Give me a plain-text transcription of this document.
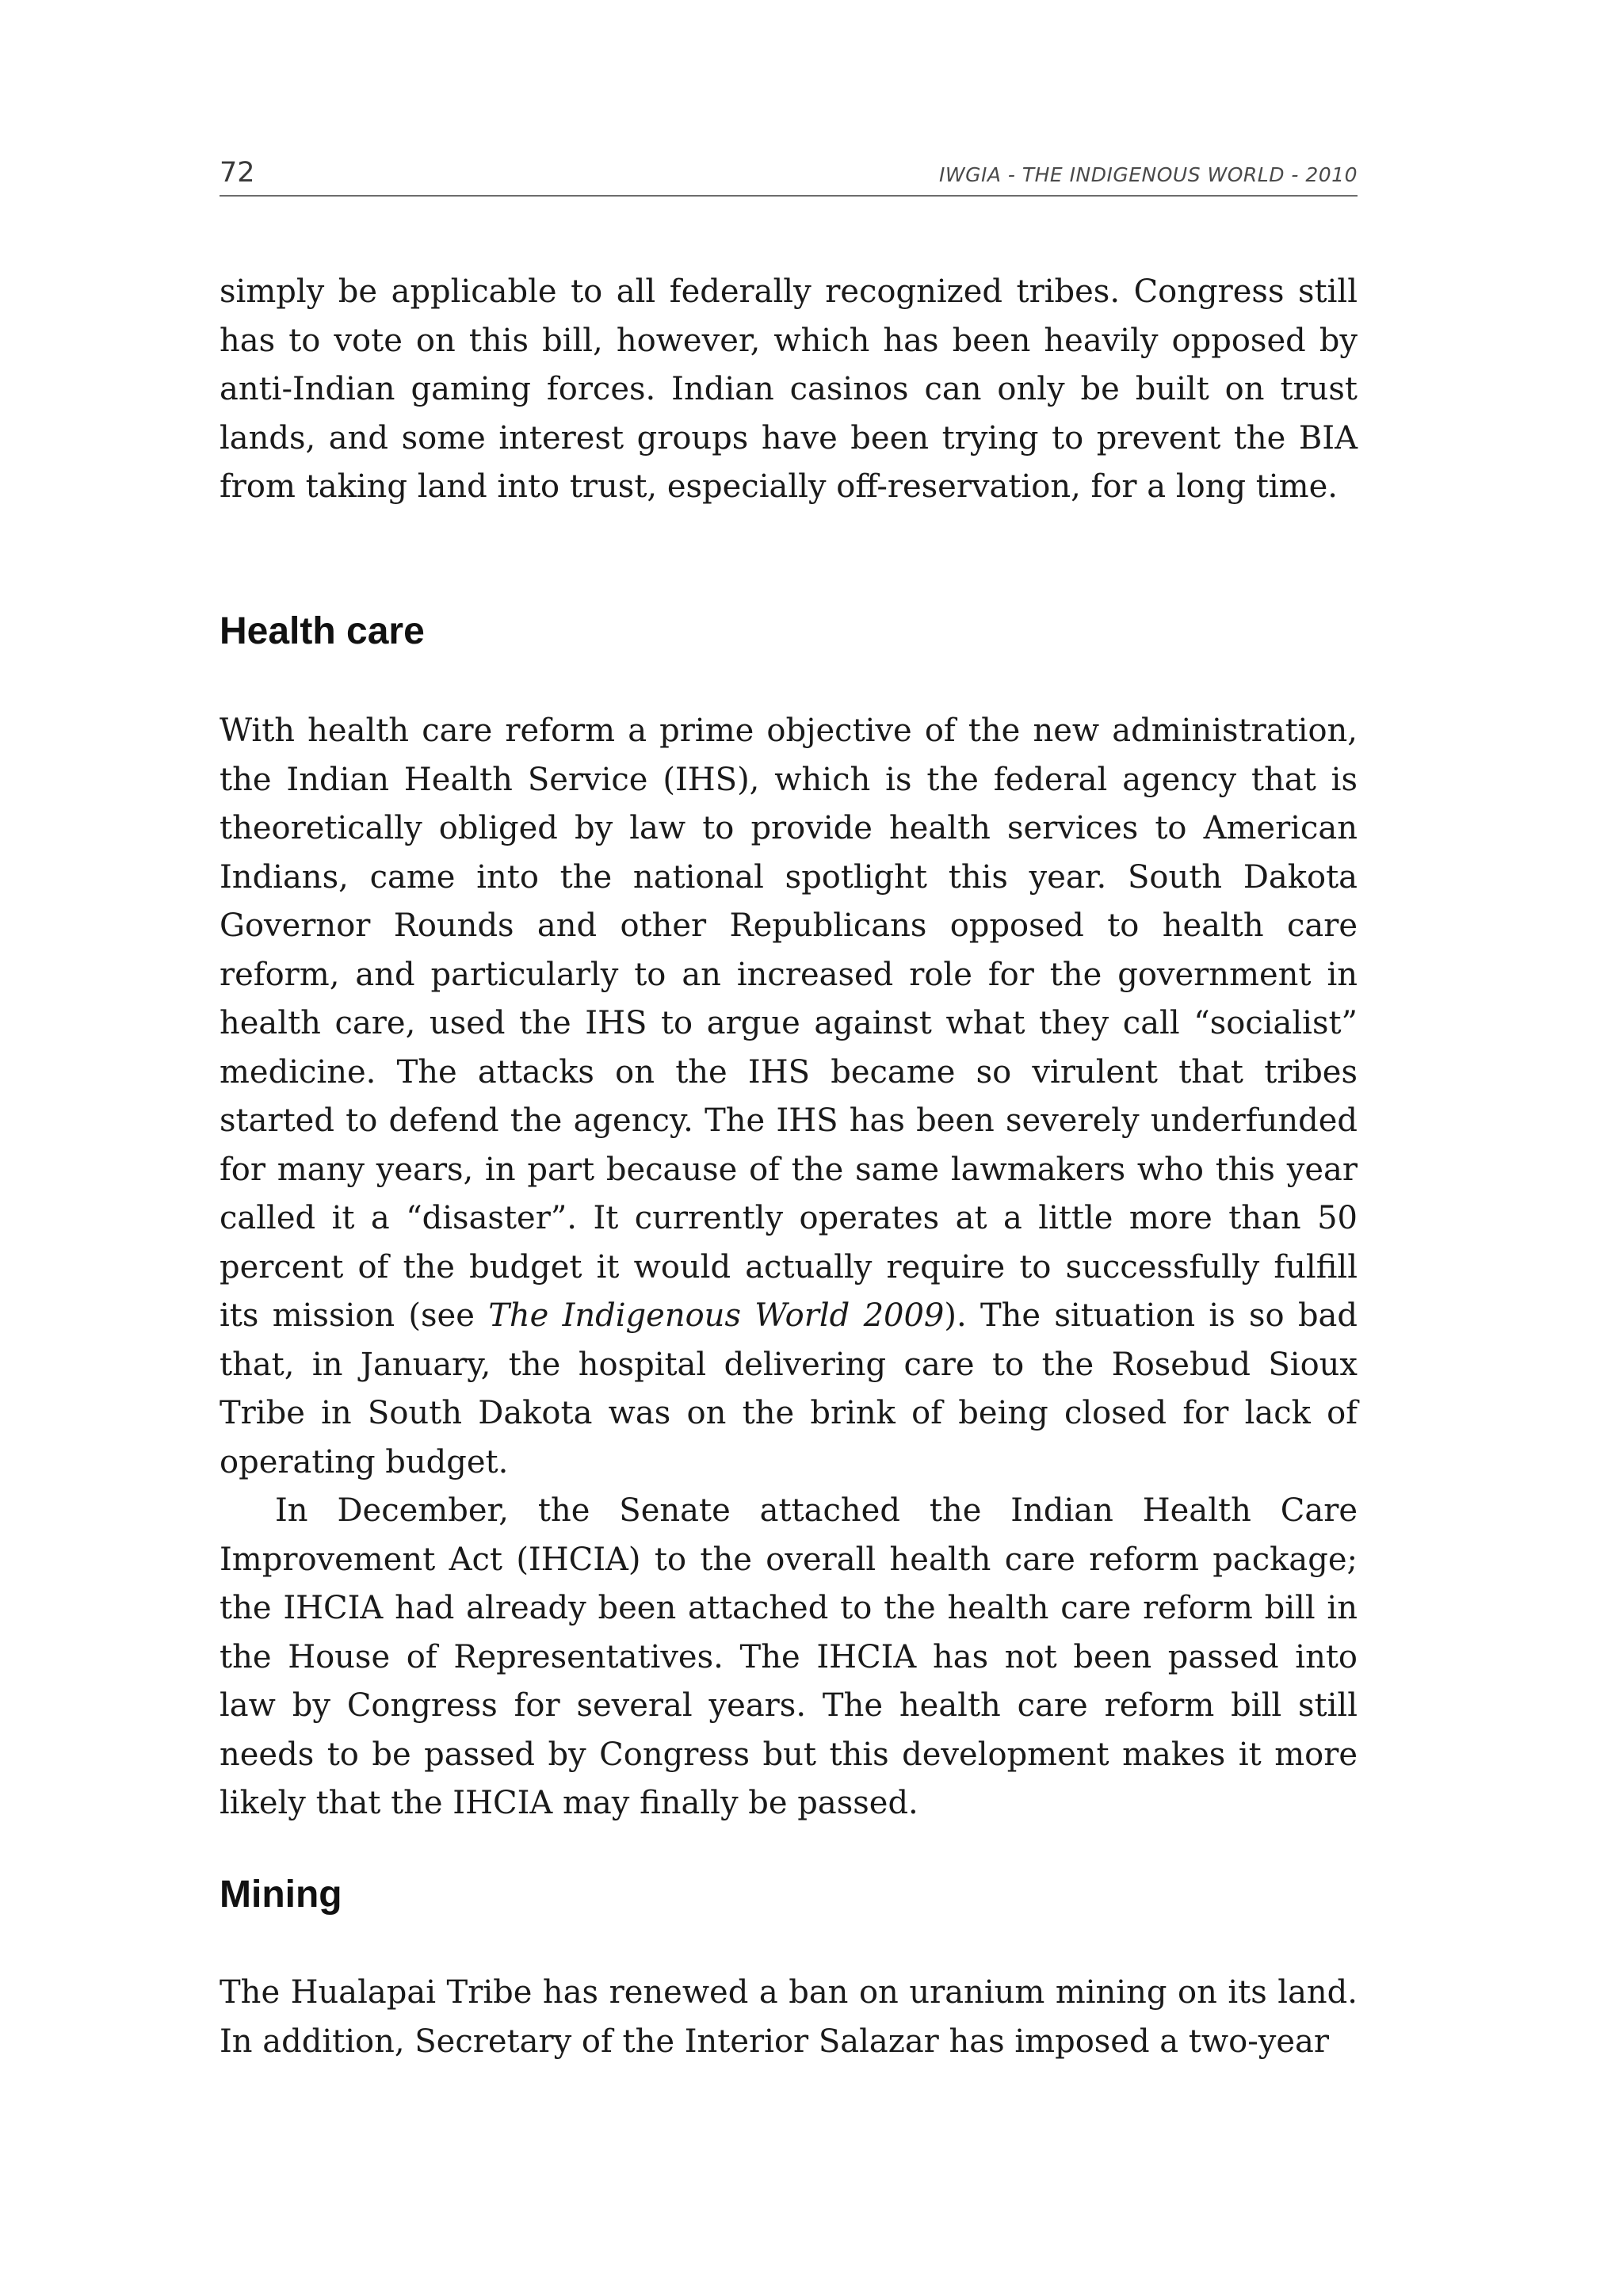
72	IWGIA - THE INDIGENOUS WORLD - 2010

simply be applicable to all federally recognized tribes. Congress still has to vote on this bill, however, which has been heavily opposed by anti-Indian gaming forces. Indian casinos can only be built on trust lands, and some interest groups have been trying to prevent the BIA from taking land into trust, especially off-reservation, for a long time.

Health care

With health care reform a prime objective of the new administration, the Indian Health Service (IHS), which is the federal agency that is theoretically obliged by law to provide health services to American Indians, came into the national spotlight this year. South Dakota Governor Rounds and other Republicans opposed to health care reform, and particularly to an increased role for the government in health care, used the IHS to argue against what they call “socialist” medicine. The attacks on the IHS became so virulent that tribes started to defend the agency. The IHS has been severely underfunded for many years, in part because of the same lawmakers who this year called it a “disaster”. It currently operates at a little more than 50 percent of the budget it would actually require to successfully fulfill its mission (see The Indigenous World 2009). The situation is so bad that, in January, the hospital delivering care to the Rosebud Sioux Tribe in South Dakota was on the brink of being closed for lack of operating budget.

In December, the Senate attached the Indian Health Care Improvement Act (IHCIA) to the overall health care reform package; the IHCIA had already been attached to the health care reform bill in the House of Representatives. The IHCIA has not been passed into law by Congress for several years. The health care reform bill still needs to be passed by Congress but this development makes it more likely that the IHCIA may finally be passed.

Mining

The Hualapai Tribe has renewed a ban on uranium mining on its land. In addition, Secretary of the Interior Salazar has imposed a two-year
